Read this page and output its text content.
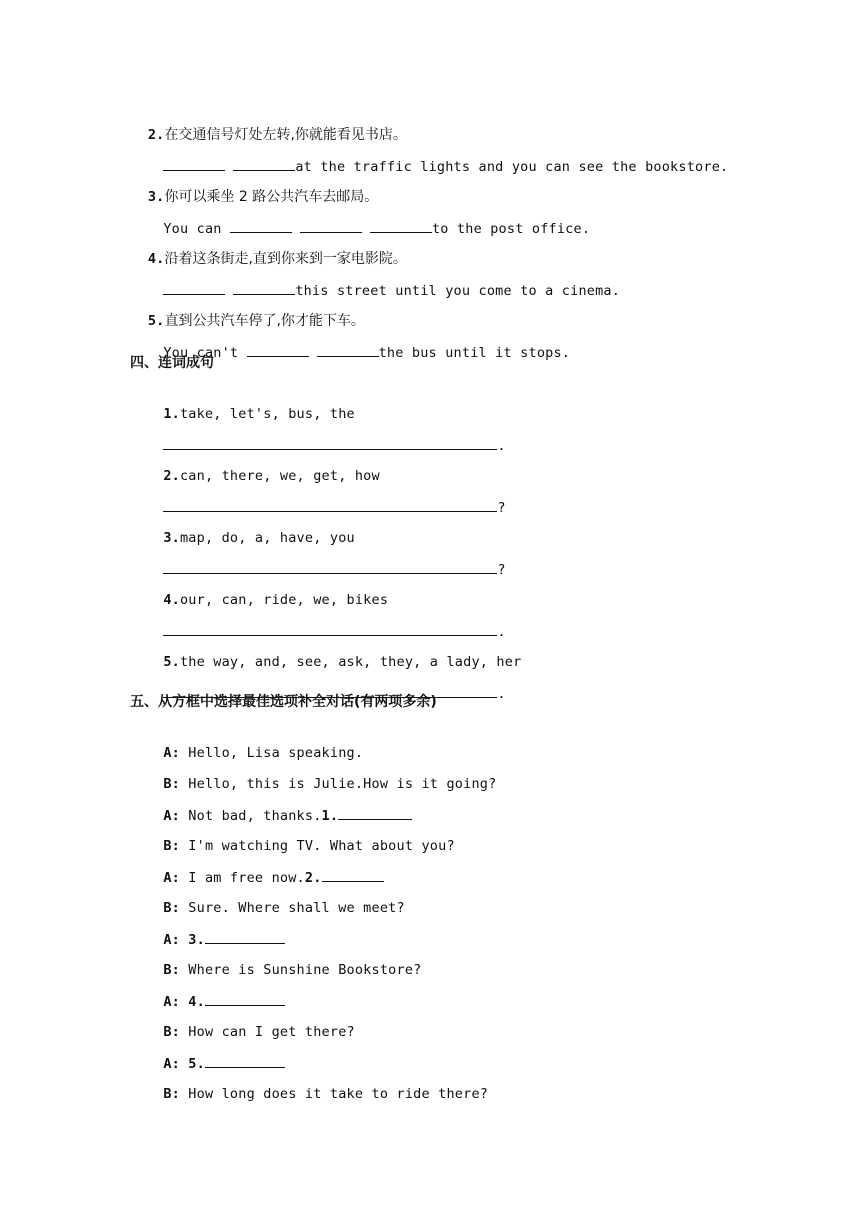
2.在交通信号灯处左转,你就能看见书店。

at the traffic lights and you can see the bookstore.

3.你可以乘坐 2 路公共汽车去邮局。

You can	to the post office.

4.沿着这条街走,直到你来到一家电影院。

this street until you come to a cinema.

5.直到公共汽车停了,你才能下车。

You can't	the bus until it stops.

四、连词成句

1.take, let's, bus, the

.

2.can, there, we, get, how

?

3.map, do, a, have, you

?

4.our, can, ride, we, bikes

.

5.the way, and, see, ask, they, a lady, her

.

五、从方框中选择最佳选项补全对话(有两项多余)

A: Hello, Lisa speaking.

B: Hello, this is Julie.How is it going?

A: Not bad, thanks.1.

B: I'm watching TV. What about you?

A: I am free now.2.

B: Sure. Where shall we meet?

A: 3.

B: Where is Sunshine Bookstore?

A: 4.

B: How can I get there?

A: 5.

B: How long does it take to ride there?
